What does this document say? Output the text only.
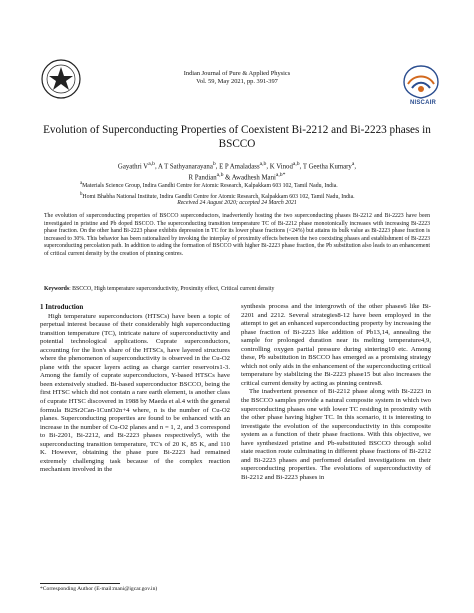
Indian Journal of Pure & Applied Physics
Vol. 59, May 2021, pp. 391-397
NISCAIR
Evolution of Superconducting Properties of Coexistent Bi-2212 and Bi-2223 phases in BSCCO
Gayathri V$^{a,b}$, A T Sathyanarayana$^b$, E P Amaladass$^{a,b}$, K Vinod$^{a,b}$, T Geetha Kumary$^a$,
R Pandian$^{a,b}$ & Awadhesh Mani$^{a,b*}$
$^a$Materials Science Group, Indira Gandhi Centre for Atomic Research, Kalpakkam 603 102, Tamil Nadu, India.
$^b$Homi Bhabha National Institute, Indira Gandhi Centre for Atomic Research, Kalpakkam 603 102, Tamil Nadu, India.
Received 24 August 2020; accepted 24 March 2021
The evolution of superconducting properties of BSCCO superconductors, inadvertently hosting the two superconducting phases Bi-2212 and Bi-2223 have been investigated in pristine and Pb doped BSCCO. The superconducting transition temperature TC of Bi-2212 phase monotonically increases with increasing Bi-2223 phase fraction. On the other hand Bi-2223 phase exhibits depression in TC for its lower phase fractions (<24%) but attains its bulk value as Bi-2223 phase fraction is increased to 30%. This behavior has been rationalized by invoking the interplay of proximity effects between the two coexisting phases and establishment of Bi-2223 superconducting percolation path. In addition to aiding the formation of BSCCO with higher Bi-2223 phase fraction, the Pb substitution also leads to an enhancement of critical current density by the creation of pinning centres.
Keywords: BSCCO, High temperature superconductivity, Proximity effect, Critical current density
1 Introduction

High temperature superconductors (HTSCs) have been a topic of perpetual interest because of their considerably high superconducting transition temperature (TC), intricate nature of superconductivity and potential technological applications. Cuprate superconductors, accounting for the lion's share of the HTSCs, have layered structures where the phenomenon of superconductivity is observed in the Cu-O2 plane with the spacer layers acting as charge carrier reservoirs1-3. Among the family of cuprate superconductors, Y-based HTSCs have been extensively studied. Bi-based superconductor BSCCO, being the first HTSC which did not contain a rare earth element, is another class of cuprate HTSC discovered in 1988 by Maeda et al.4 with the general formula Bi2Sr2Can-1CunO2n+4 where, n is the number of Cu-O2 planes. Superconducting properties are found to be enhanced with an increase in the number of Cu-O2 planes and n = 1, 2, and 3 correspond to Bi-2201, Bi-2212, and Bi-2223 phases respectively5, with the superconducting transition temperature, TC's of 20 K, 85 K, and 110 K. However, obtaining the phase pure Bi-2223 had remained extremely challenging task because of the complex reaction mechanism involved in the

synthesis process and the intergrowth of the other phases6 like Bi-2201 and 2212. Several strategies8-12 have been employed in the attempt to get an enhanced superconducting property by increasing the phase fraction of Bi-2223 like addition of Pb13,14, annealing the sample for prolonged duration near its melting temperature4,9, controlling oxygen partial pressure during sintering10 etc. Among these, Pb substitution in BSCCO has emerged as a promising strategy which not only aids in the enhancement of the superconducting critical temperature by stabilizing the Bi-2223 phase15 but also increases the critical current density by acting as pinning centres8.

The inadvertent presence of Bi-2212 phase along with Bi-2223 in the BSCCO samples provide a natural composite system in which two superconducting phases one with lower TC residing in proximity with the other phase having higher TC. In this scenario, it is interesting to investigate the evolution of the superconductivity in this composite system as a function of their phase fractions. With this objective, we have synthesized pristine and Pb-substituted BSCCO through solid state reaction route culminating in different phase fractions of Bi-2212 and Bi-2223 phases and performed detailed investigations on their superconducting properties. The evolutions of superconductivity of Bi-2212 and Bi-2223 phases in

*Corresponding Author (E-mail:mani@igcar.gov.in)
